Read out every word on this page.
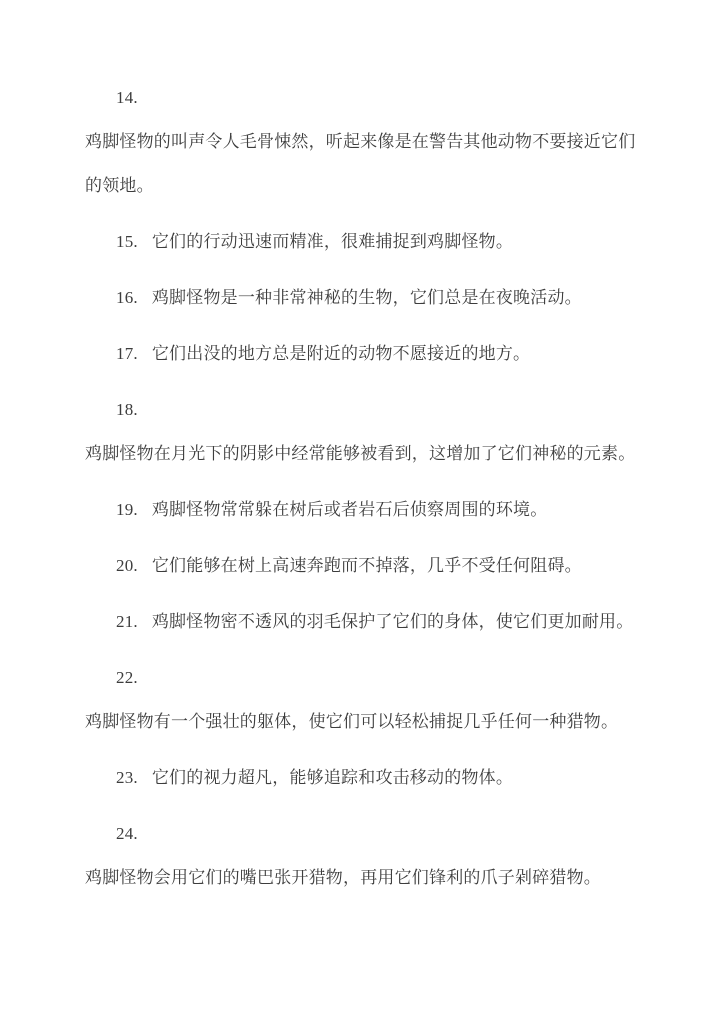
14.
鸡脚怪物的叫声令人毛骨悚然，听起来像是在警告其他动物不要接近它们
的领地。
15. 它们的行动迅速而精准，很难捕捉到鸡脚怪物。
16. 鸡脚怪物是一种非常神秘的生物，它们总是在夜晚活动。
17. 它们出没的地方总是附近的动物不愿接近的地方。
18.
鸡脚怪物在月光下的阴影中经常能够被看到，这增加了它们神秘的元素。
19. 鸡脚怪物常常躲在树后或者岩石后侦察周围的环境。
20. 它们能够在树上高速奔跑而不掉落，几乎不受任何阻碍。
21. 鸡脚怪物密不透风的羽毛保护了它们的身体，使它们更加耐用。
22.
鸡脚怪物有一个强壮的躯体，使它们可以轻松捕捉几乎任何一种猎物。
23. 它们的视力超凡，能够追踪和攻击移动的物体。
24.
鸡脚怪物会用它们的嘴巴张开猎物，再用它们锋利的爪子剁碎猎物。
